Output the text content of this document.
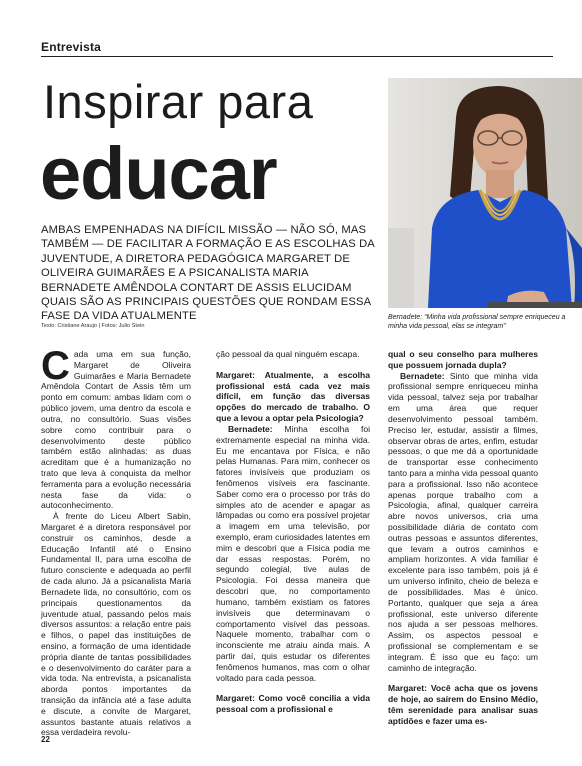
Entrevista
Inspirar para
educar
AMBAS EMPENHADAS NA DIFÍCIL MISSÃO — NÃO SÓ, MAS TAMBÉM — DE FACILITAR A FORMAÇÃO E AS ESCOLHAS DA JUVENTUDE, A DIRETORA PEDAGÓGICA MARGARET DE OLIVEIRA GUIMARÃES E A PSICANALISTA MARIA BERNADETE AMÊNDOLA CONTART DE ASSIS ELUCIDAM QUAIS SÃO AS PRINCIPAIS QUESTÕES QUE RONDAM ESSA FASE DA VIDA ATUALMENTE
Texto: Cristiane Araujo | Fotos: Julio Stein
Bernadete: “Minha vida profissional sempre enriqueceu a minha vida pessoal, elas se integram”

Cada uma em sua função, Margaret de Oliveira Guimarães e Maria Bernadete Amêndola Contart de Assis têm um ponto em comum: ambas lidam com o público jovem, uma dentro da escola e outra, no consultório. Suas visões sobre como contribuir para o desenvolvimento deste público também estão alinhadas: as duas acreditam que é a humanização no trato que leva à conquista da melhor ferramenta para a evolução necessária nesta fase da vida: o autoconhecimento.

À frente do Liceu Albert Sabin, Margaret é a diretora responsável por construir os caminhos, desde a Educação Infantil até o Ensino Fundamental II, para uma escolha de futuro consciente e adequada ao perfil de cada aluno. Já a psicanalista Maria Bernadete lida, no consultório, com os principais questionamentos da juventude atual, passando pelos mais diversos assuntos: a relação entre pais e filhos, o papel das instituições de ensino, a formação de uma identidade própria diante de tantas possibilidades e o desenvolvimento do caráter para a vida toda. Na entrevista, a psicanalista aborda pontos importantes da transição da infância até a fase adulta e discute, a convite de Margaret, assuntos bastante atuais relativos a essa verdadeira revolu-

ção pessoal da qual ninguém escapa.

Margaret: Atualmente, a escolha profissional está cada vez mais difícil, em função das diversas opções do mercado de trabalho. O que a levou a optar pela Psicologia?

Bernadete: Minha escolha foi extremamente especial na minha vida. Eu me encantava por Física, e não pelas Humanas. Para mim, conhecer os fatores invisíveis que produziam os fenômenos visíveis era fascinante. Saber como era o processo por trás do simples ato de acender e apagar as lâmpadas ou como era possível projetar a imagem em uma televisão, por exemplo, eram curiosidades latentes em mim e descobri que a Física podia me dar essas respostas. Porém, no segundo colegial, tive aulas de Psicologia. Foi dessa maneira que descobri que, no comportamento humano, também existiam os fatores invisíveis que determinavam o comportamento visível das pessoas. Naquele momento, trabalhar com o inconsciente me atraiu ainda mais. A partir daí, quis estudar os diferentes fenômenos humanos, mas com o olhar voltado para cada pessoa.

Margaret: Como você concilia a vida pessoal com a profissional e

qual o seu conselho para mulheres que possuem jornada dupla?

Bernadete: Sinto que minha vida profissional sempre enriqueceu minha vida pessoal, talvez seja por trabalhar em uma área que requer desenvolvimento pessoal também. Preciso ler, estudar, assistir a filmes, observar obras de artes, enfim, estudar pessoas, o que me dá a oportunidade de transportar esse conhecimento tanto para a minha vida pessoal quanto para a profissional. Isso não acontece apenas porque trabalho com a Psicologia, afinal, qualquer carreira abre novos universos, cria uma possibilidade diária de contato com outras pessoas e assuntos diferentes, que levam a outros caminhos e ampliam horizontes. A vida familiar é excelente para isso também, pois já é um universo infinito, cheio de beleza e de possibilidades. Mas é único. Portanto, qualquer que seja a área profissional, este universo diferente nos ajuda a ser pessoas melhores. Assim, os aspectos pessoal e profissional se complementam e se integram. É isso que eu faço: um caminho de integração.

Margaret: Você acha que os jovens de hoje, ao saírem do Ensino Médio, têm serenidade para analisar suas aptidões e fazer uma es-

22
